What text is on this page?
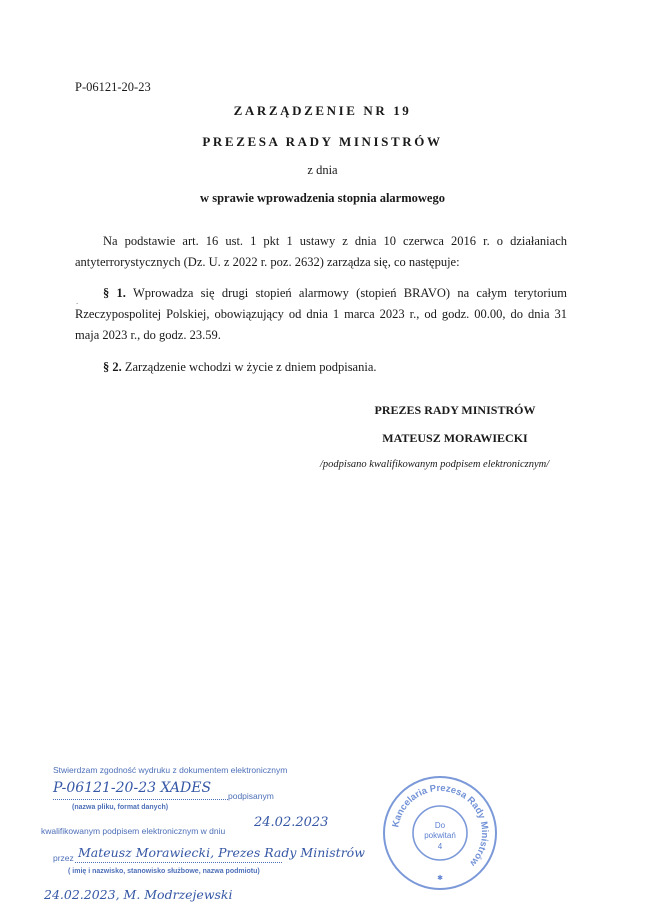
P-06121-20-23
ZARZĄDZENIE NR 19
PREZESA RADY MINISTRÓW
z dnia
w sprawie wprowadzenia stopnia alarmowego
Na podstawie art. 16 ust. 1 pkt 1 ustawy z dnia 10 czerwca 2016 r. o działaniach antyterrorystycznych (Dz. U. z 2022 r. poz. 2632) zarządza się, co następuje:
.
§ 1. Wprowadza się drugi stopień alarmowy (stopień BRAVO) na całym terytorium Rzeczypospolitej Polskiej, obowiązujący od dnia 1 marca 2023 r., od godz. 00.00, do dnia 31 maja 2023 r., do godz. 23.59.
§ 2. Zarządzenie wchodzi w życie z dniem podpisania.
PREZES RADY MINISTRÓW
MATEUSZ MORAWIECKI
/podpisano kwalifikowanym podpisem elektronicznym/
Stwierdzam zgodność wydruku z dokumentem elektronicznym
P-06121-20-23 XADES	podpisanym
(nazwa pliku, format danych)
kwalifikowanym podpisem elektronicznym w dniu
24.02.2023
przez Mateusz Morawiecki, Prezes Rady Ministrów
( imię i nazwisko, stanowisko służbowe, nazwa podmiotu)
24.02.2023, M. Modrzejewski
Kancelaria Prezesa Rady Ministrów
Do
pokwitań
4
✱
